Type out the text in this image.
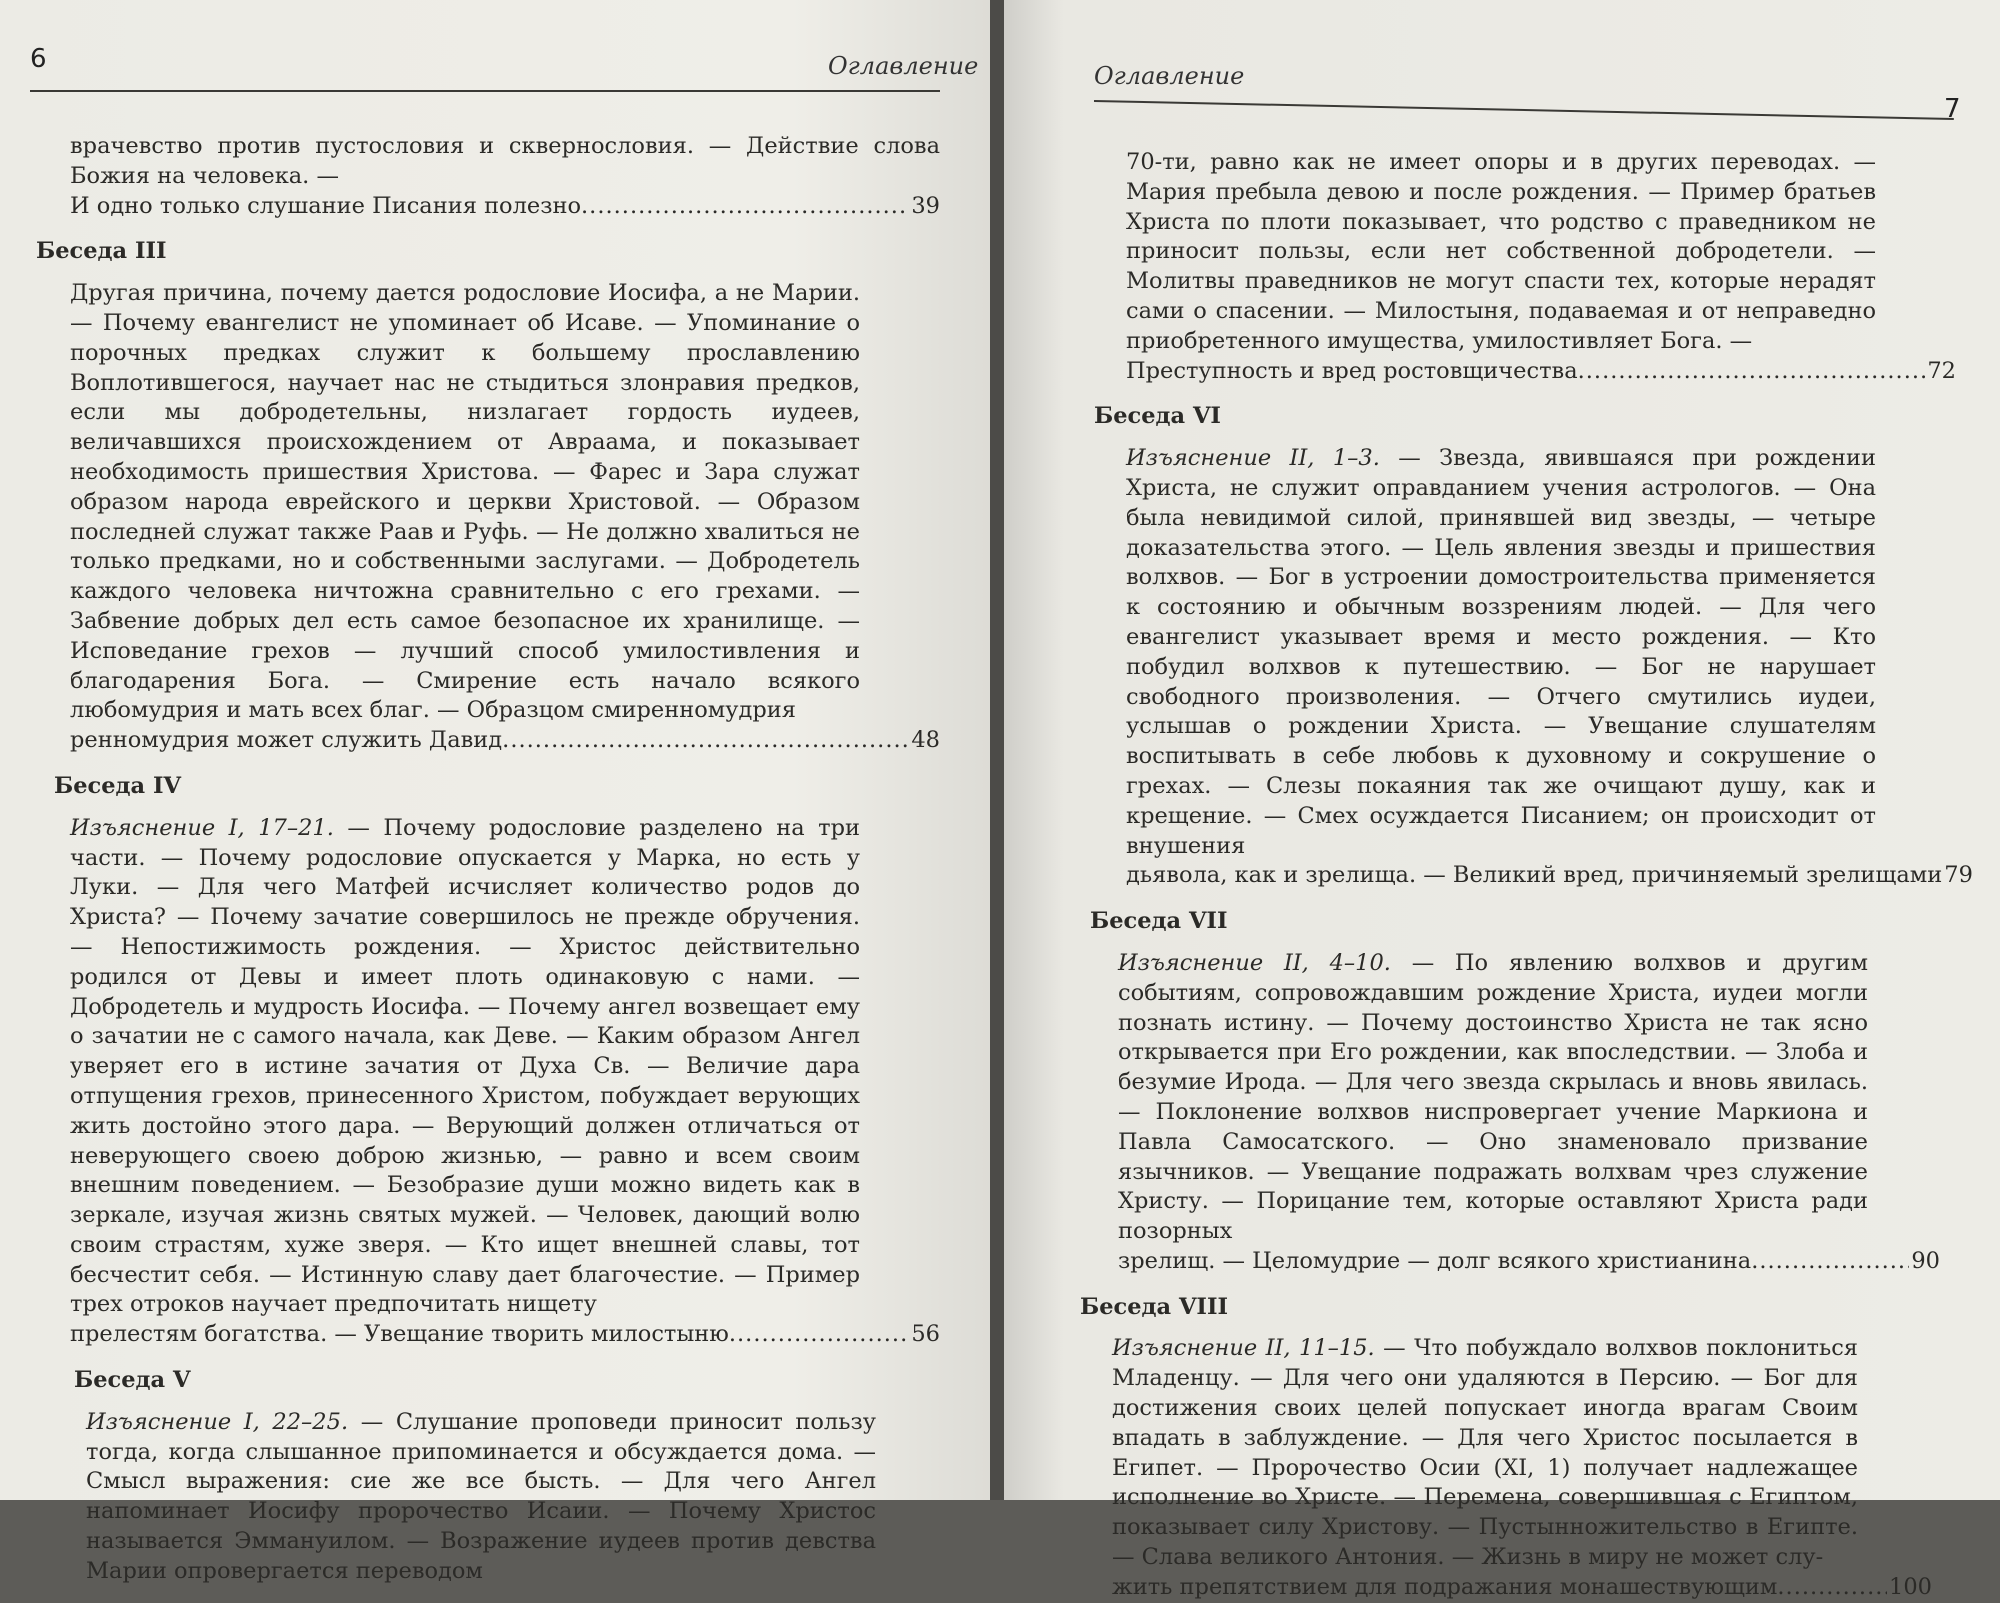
6	Оглавление
врачевство против пустословия и сквернословия. — Действие слова Божия на человека. —
И одно только слушание Писания полезно .....	39
Беседа III
Другая причина, почему дается родословие Иосифа, а не Марии. — Почему евангелист не упоминает об Исаве. — Упоминание о порочных предках служит к большему прославлению Воплотившегося, научает нас не стыдиться злонравия предков, если мы добродетельны, низлагает гордость иудеев, величавшихся происхождением от Авраама, и показывает необходимость пришествия Христова. — Фарес и Зара служат образом народа еврейского и церкви Христовой. — Образом последней служат также Раав и Руфь. — Не должно хвалиться не только предками, но и собственными заслугами. — Добродетель каждого человека ничтожна сравнительно с его грехами. — Забвение добрых дел есть самое безопасное их хранилище. — Исповедание грехов — лучший способ умилостивления и благодарения Бога. — Смирение есть начало всякого любомудрия и мать всех благ. — Образцом смиренномудрия
ренномудрия может служить Давид .....	48
Беседа IV
Изъяснение I, 17–21. — Почему родословие разделено на три части. — Почему родословие опускается у Марка, но есть у Луки. — Для чего Матфей исчисляет количество родов до Христа? — Почему зачатие совершилось не прежде обручения. — Непостижимость рождения. — Христос действительно родился от Девы и имеет плоть одинаковую с нами. — Добродетель и мудрость Иосифа. — Почему ангел возвещает ему о зачатии не с самого начала, как Деве. — Каким образом Ангел уверяет его в истине зачатия от Духа Св. — Величие дара отпущения грехов, принесенного Христом, побуждает верующих жить достойно этого дара. — Верующий должен отличаться от неверующего своею доброю жизнью, — равно и всем своим внешним поведением. — Безобразие души можно видеть как в зеркале, изучая жизнь святых мужей. — Человек, дающий волю своим страстям, хуже зверя. — Кто ищет внешней славы, тот бесчестит себя. — Истинную славу дает благочестие. — Пример трех отроков научает предпочитать нищету
прелестям богатства. — Увещание творить милостыню .....	56
Беседа V
Изъяснение I, 22–25. — Слушание проповеди приносит пользу тогда, когда слышанное припоминается и обсуждается дома. — Смысл выражения: сие же все бысть. — Для чего Ангел напоминает Иосифу пророчество Исаии. — Почему Христос называется Эммануилом. — Возражение иудеев против девства Марии опровергается переводом
Оглавление
7
70-ти, равно как не имеет опоры и в других переводах. — Мария пребыла девою и после рождения. — Пример братьев Христа по плоти показывает, что родство с праведником не приносит пользы, если нет собственной добродетели. — Молитвы праведников не могут спасти тех, которые нерадят сами о спасении. — Милостыня, подаваемая и от неправедно приобретенного имущества, умилостивляет Бога. —
Преступность и вред ростовщичества .....	72
Беседа VI
Изъяснение II, 1–3. — Звезда, явившаяся при рождении Христа, не служит оправданием учения астрологов. — Она была невидимой силой, принявшей вид звезды, — четыре доказательства этого. — Цель явления звезды и пришествия волхвов. — Бог в устроении домостроительства применяется к состоянию и обычным воззрениям людей. — Для чего евангелист указывает время и место рождения. — Кто побудил волхвов к путешествию. — Бог не нарушает свободного произволения. — Отчего смутились иудеи, услышав о рождении Христа. — Увещание слушателям воспитывать в себе любовь к духовному и сокрушение о грехах. — Слезы покаяния так же очищают душу, как и крещение. — Смех осуждается Писанием; он происходит от внушения
дьявола, как и зрелища. — Великий вред, причиняемый зрелищами 79
Беседа VII
Изъяснение II, 4–10. — По явлению волхвов и другим событиям, сопровождавшим рождение Христа, иудеи могли познать истину. — Почему достоинство Христа не так ясно открывается при Его рождении, как впоследствии. — Злоба и безумие Ирода. — Для чего звезда скрылась и вновь явилась. — Поклонение волхвов ниспровергает учение Маркиона и Павла Самосатского. — Оно знаменовало призвание язычников. — Увещание подражать волхвам чрез служение Христу. — Порицание тем, которые оставляют Христа ради позорных
зрелищ. — Целомудрие — долг всякого христианина .....	90
Беседа VIII
Изъяснение II, 11–15. — Что побуждало волхвов поклониться Младенцу. — Для чего они удаляются в Персию. — Бог для достижения своих целей попускает иногда врагам Своим впадать в заблуждение. — Для чего Христос посылается в Египет. — Пророчество Осии (XI, 1) получает надлежащее исполнение во Христе. — Перемена, совершившая с Египтом, показывает силу Христову. — Пустынножительство в Египте. — Слава великого Антония. — Жизнь в миру не может слу-
жить препятствием для подражания монашествующим .....	100
